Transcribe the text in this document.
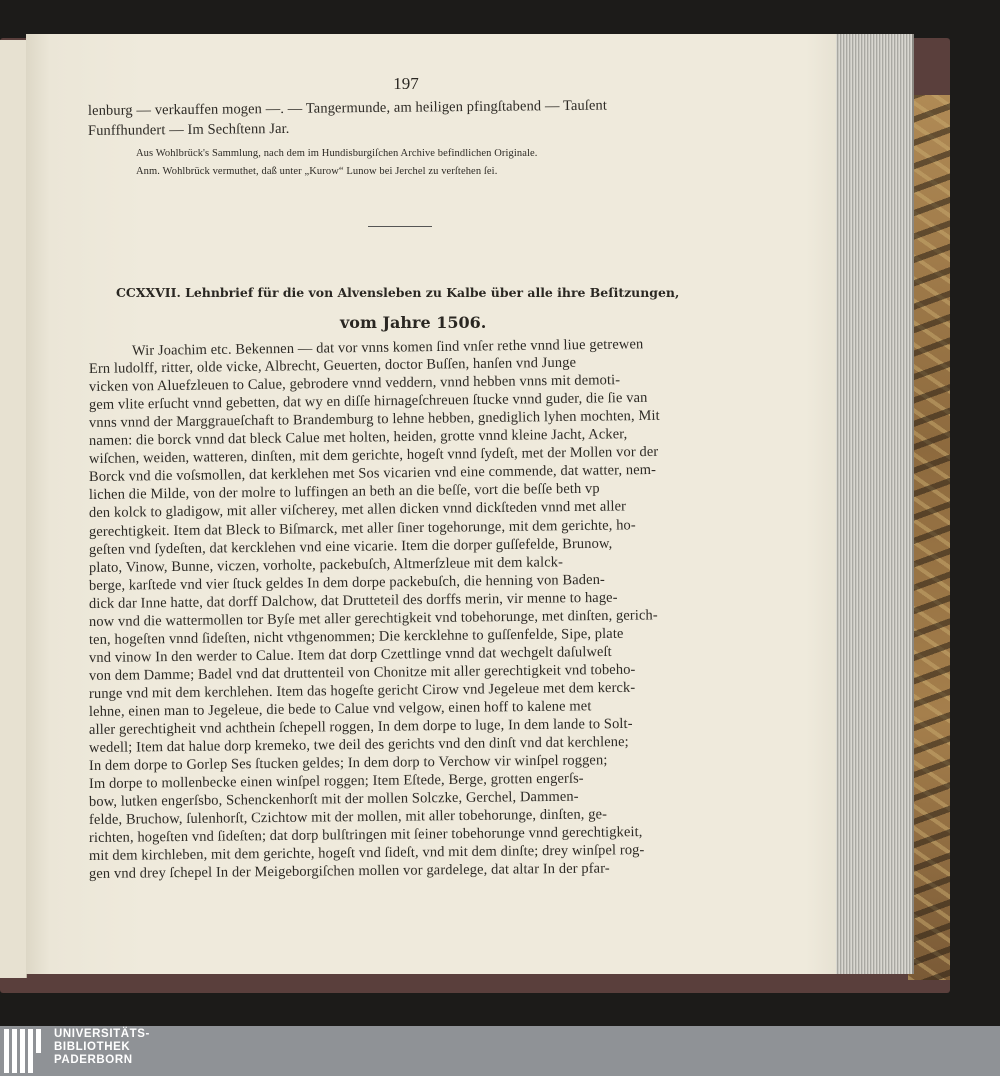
197
lenburg — verkauffen mogen —. — Tangermunde, am heiligen pfingſtabend — Tauſent
Funffhundert — Im Sechſtenn Jar.
Aus Wohlbrück's Sammlung, nach dem im Hundisburgiſchen Archive befindlichen Originale.
Anm. Wohlbrück vermuthet, daß unter „Kurow“ Lunow bei Jerchel zu verſtehen ſei.
CCXXVII. Lehnbrief für die von Alvensleben zu Kalbe über alle ihre Beſitzungen,
vom Jahre 1506.
Wir Joachim etc. Bekennen — dat vor vnns komen ſind vnſer rethe vnnd liue getrewen
Ern ludolff, ritter, olde vicke, Albrecht, Geuerten, doctor Buſſen, hanſen vnd Junge
vicken von Aluefzleuen to Calue, gebrodere vnnd veddern, vnnd hebben vnns mit demoti-
gem vlite erſucht vnnd gebetten, dat wy en diſſe hirnageſchreuen ſtucke vnnd guder, die ſie van
vnns vnnd der Marggraueſchaft to Brandemburg to lehne hebben, gnediglich lyhen mochten, Mit
namen: die borck vnnd dat bleck Calue met holten, heiden, grotte vnnd kleine Jacht, Acker,
wiſchen, weiden, watteren, dinſten, mit dem gerichte, hogeſt vnnd ſydeſt, met der Mollen vor der
Borck vnd die voſsmollen, dat kerklehen met Sos vicarien vnd eine commende, dat watter, nem-
lichen die Milde, von der molre to luffingen an beth an die beſſe, vort die beſſe beth vp
den kolck to gladigow, mit aller viſcherey, met allen dicken vnnd dickſteden vnnd met aller
gerechtigkeit. Item dat Bleck to Biſmarck, met aller ſiner togehorunge, mit dem gerichte, ho-
geſten vnd ſydeſten, dat kercklehen vnd eine vicarie. Item die dorper guſſefelde, Brunow,
plato, Vinow, Bunne, viczen, vorholte, packebuſch, Altmerſzleue mit dem kalck-
berge, karſtede vnd vier ſtuck geldes In dem dorpe packebuſch, die henning von Baden-
dick dar Inne hatte, dat dorff Dalchow, dat Drutteteil des dorffs merin, vir menne to hage-
now vnd die wattermollen tor Byſe met aller gerechtigkeit vnd tobehorunge, met dinſten, gerich-
ten, hogeſten vnnd ſideſten, nicht vthgenommen; Die kercklehne to guſſenfelde, Sipe, plate
vnd vinow In den werder to Calue. Item dat dorp Czettlinge vnnd dat wechgelt daſulweſt
von dem Damme; Badel vnd dat druttenteil von Chonitze mit aller gerechtigkeit vnd tobeho-
runge vnd mit dem kerchlehen. Item das hogeſte gericht Cirow vnd Jegeleue met dem kerck-
lehne, einen man to Jegeleue, die bede to Calue vnd velgow, einen hoff to kalene met
aller gerechtigheit vnd achthein ſchepell roggen, In dem dorpe to luge, In dem lande to Solt-
wedell; Item dat halue dorp kremeko, twe deil des gerichts vnd den dinſt vnd dat kerchlene;
In dem dorpe to Gorlep Ses ſtucken geldes; In dem dorp to Verchow vir winſpel roggen;
Im dorpe to mollenbecke einen winſpel roggen; Item Eſtede, Berge, grotten engerſs-
bow, lutken engerſsbo, Schenckenhorſt mit der mollen Solczke, Gerchel, Dammen-
felde, Bruchow, ſulenhorſt, Czichtow mit der mollen, mit aller tobehorunge, dinſten, ge-
richten, hogeſten vnd ſideſten; dat dorp bulſtringen mit ſeiner tobehorunge vnnd gerechtigkeit,
mit dem kirchleben, mit dem gerichte, hogeſt vnd ſideſt, vnd mit dem dinſte; drey winſpel rog-
gen vnd drey ſchepel In der Meigeborgiſchen mollen vor gardelege, dat altar In der pfar-
UNIVERSITÄTS-
BIBLIOTHEK
PADERBORN
